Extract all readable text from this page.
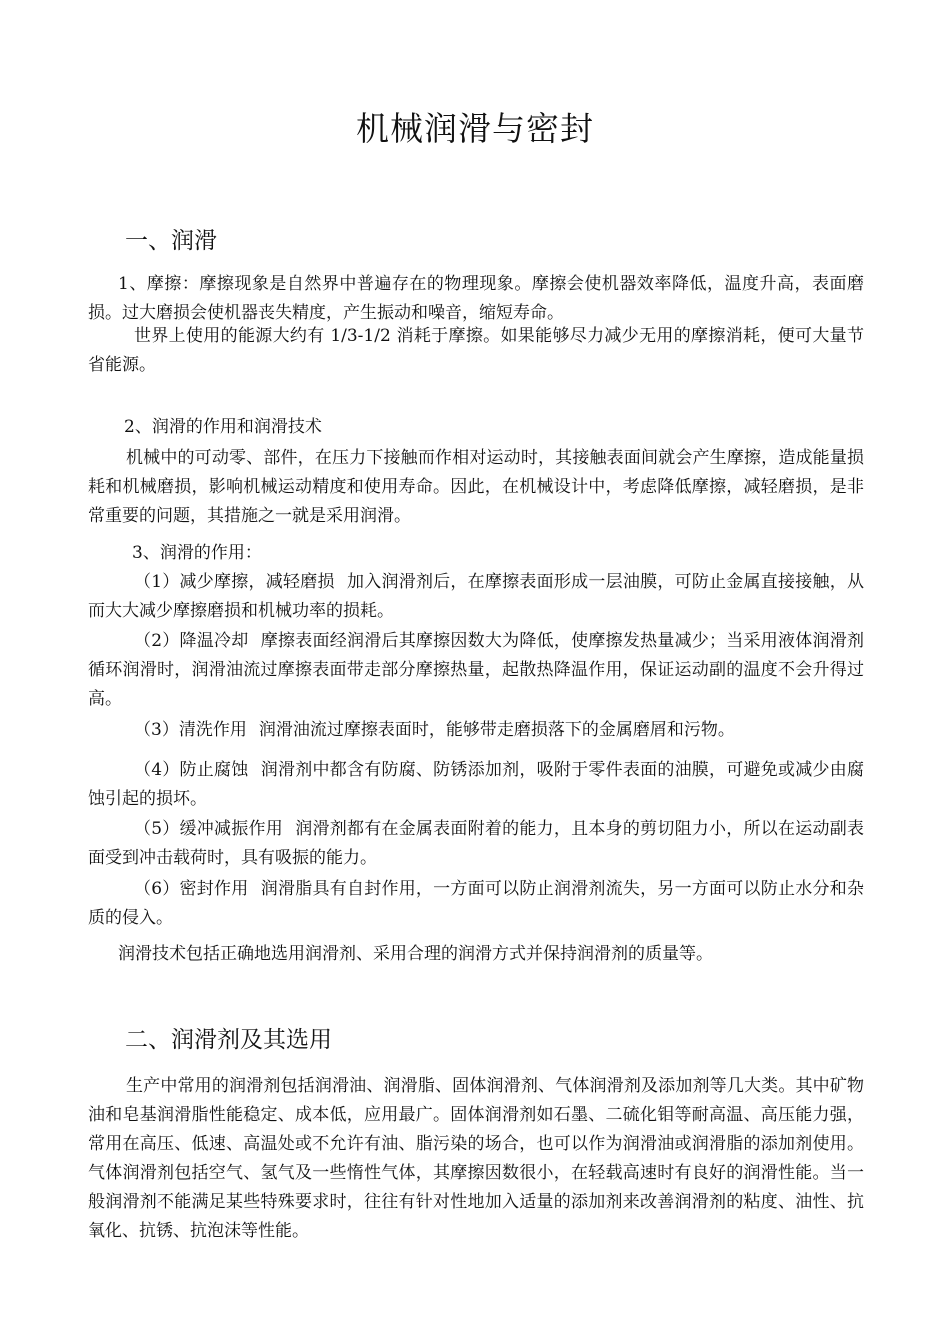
机械润滑与密封
一、润滑

1、摩擦：摩擦现象是自然界中普遍存在的物理现象。摩擦会使机器效率降低，温度升高，表面磨损。过大磨损会使机器丧失精度，产生振动和噪音，缩短寿命。

世界上使用的能源大约有 1/3-1/2 消耗于摩擦。如果能够尽力减少无用的摩擦消耗，便可大量节省能源。

2、润滑的作用和润滑技术

机械中的可动零、部件，在压力下接触而作相对运动时，其接触表面间就会产生摩擦，造成能量损耗和机械磨损，影响机械运动精度和使用寿命。因此，在机械设计中，考虑降低摩擦，减轻磨损，是非常重要的问题，其措施之一就是采用润滑。

3、润滑的作用：

（1）减少摩擦，减轻磨损 加入润滑剂后，在摩擦表面形成一层油膜，可防止金属直接接触，从而大大减少摩擦磨损和机械功率的损耗。

（2）降温冷却 摩擦表面经润滑后其摩擦因数大为降低，使摩擦发热量减少；当采用液体润滑剂循环润滑时，润滑油流过摩擦表面带走部分摩擦热量，起散热降温作用，保证运动副的温度不会升得过高。

（3）清洗作用 润滑油流过摩擦表面时，能够带走磨损落下的金属磨屑和污物。

（4）防止腐蚀 润滑剂中都含有防腐、防锈添加剂，吸附于零件表面的油膜，可避免或减少由腐蚀引起的损坏。

（5）缓冲减振作用 润滑剂都有在金属表面附着的能力，且本身的剪切阻力小，所以在运动副表面受到冲击载荷时，具有吸振的能力。

（6）密封作用 润滑脂具有自封作用，一方面可以防止润滑剂流失，另一方面可以防止水分和杂质的侵入。

润滑技术包括正确地选用润滑剂、采用合理的润滑方式并保持润滑剂的质量等。

二、润滑剂及其选用

生产中常用的润滑剂包括润滑油、润滑脂、固体润滑剂、气体润滑剂及添加剂等几大类。其中矿物油和皂基润滑脂性能稳定、成本低，应用最广。固体润滑剂如石墨、二硫化钼等耐高温、高压能力强，常用在高压、低速、高温处或不允许有油、脂污染的场合，也可以作为润滑油或润滑脂的添加剂使用。气体润滑剂包括空气、氢气及一些惰性气体，其摩擦因数很小，在轻载高速时有良好的润滑性能。当一般润滑剂不能满足某些特殊要求时，往往有针对性地加入适量的添加剂来改善润滑剂的粘度、油性、抗氧化、抗锈、抗泡沫等性能。
